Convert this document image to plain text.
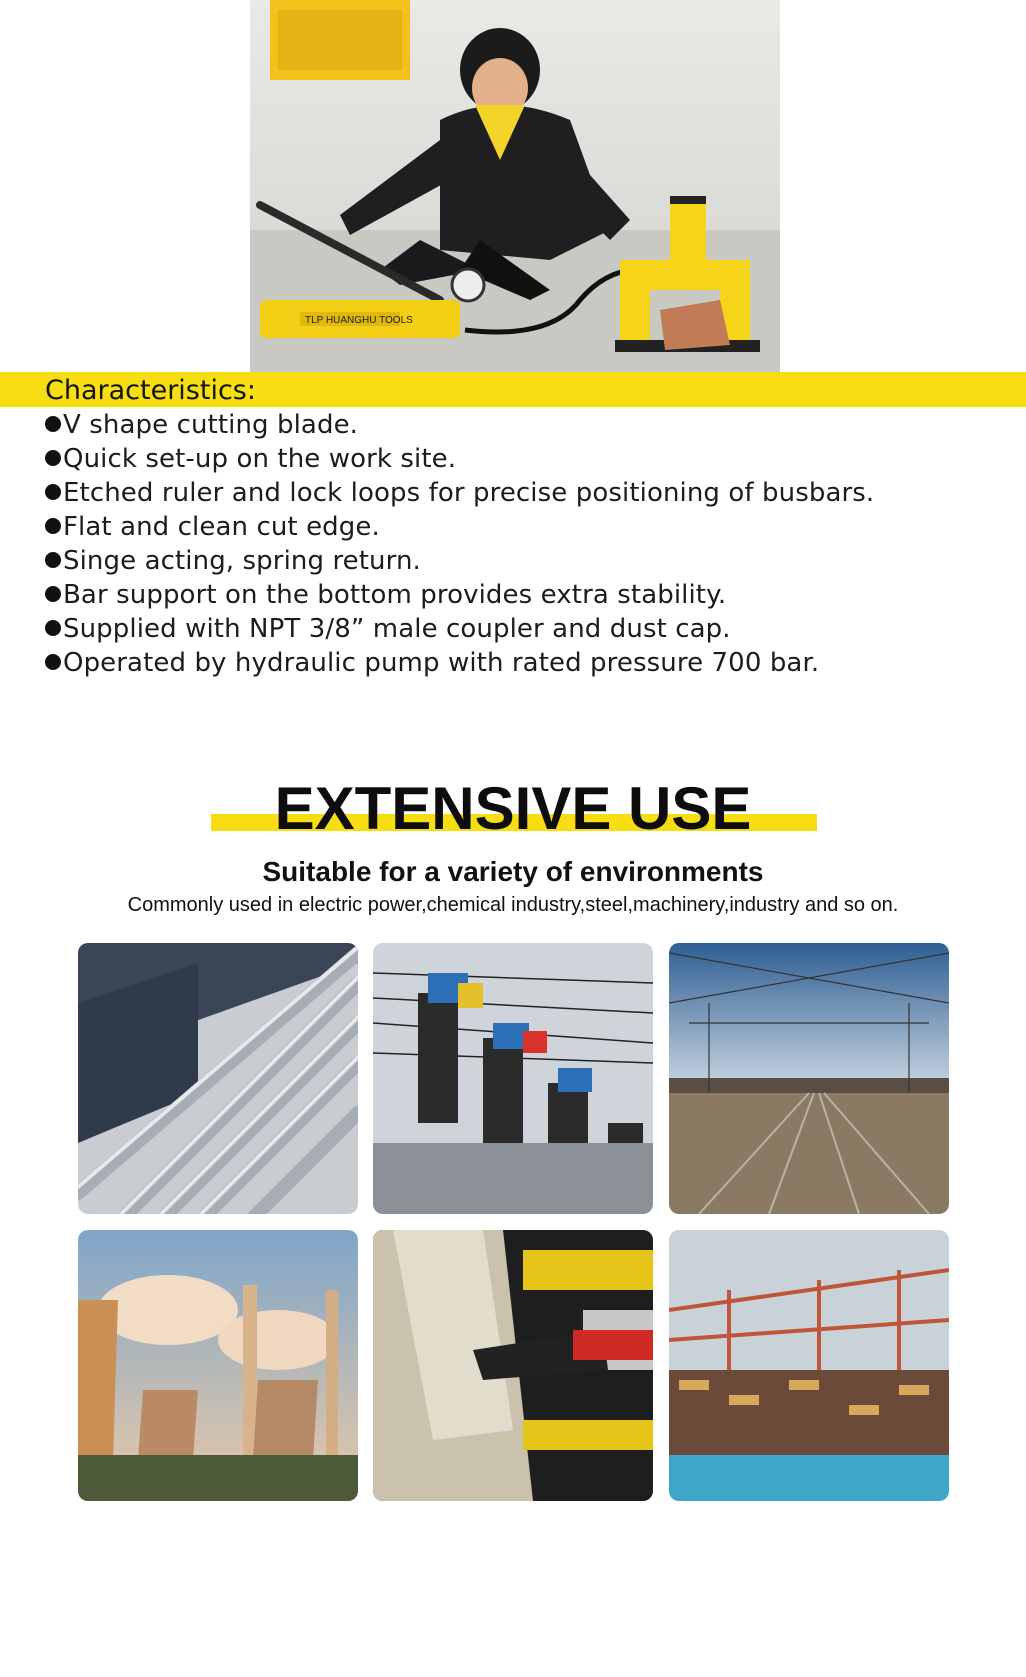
TLP HUANGHU TOOLS
Characteristics:
V shape cutting blade.
Quick set-up on the work site.
Etched ruler and lock loops for precise positioning of busbars.
Flat and clean cut edge.
Singe acting, spring return.
Bar support on the bottom provides extra stability.
Supplied with NPT 3/8” male coupler and dust cap.
Operated by hydraulic pump with rated pressure 700 bar.
EXTENSIVE USE
Suitable for a variety of environments
Commonly used in electric power,chemical industry,steel,machinery,industry and so on.
